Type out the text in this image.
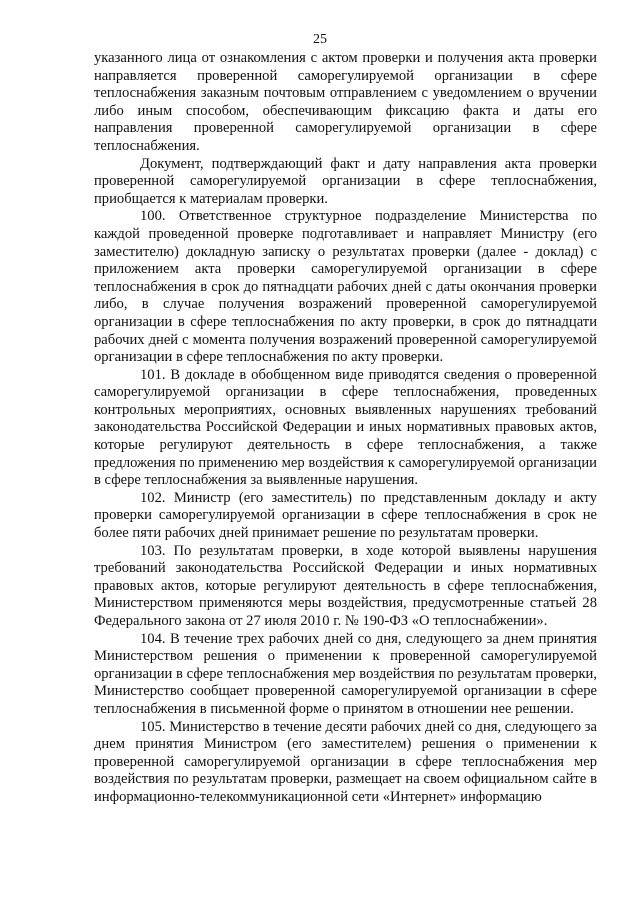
25

указанного лица от ознакомления с актом проверки и получения акта проверки направляется проверенной саморегулируемой организации в сфере теплоснабжения заказным почтовым отправлением с уведомлением о вручении либо иным способом, обеспечивающим фиксацию факта и даты его направления проверенной саморегулируемой организации в сфере теплоснабжения.

Документ, подтверждающий факт и дату направления акта проверки проверенной саморегулируемой организации в сфере теплоснабжения, приобщается к материалам проверки.

100. Ответственное структурное подразделение Министерства по каждой проведенной проверке подготавливает и направляет Министру (его заместителю) докладную записку о результатах проверки (далее - доклад) с приложением акта проверки саморегулируемой организации в сфере теплоснабжения в срок до пятнадцати рабочих дней с даты окончания проверки либо, в случае получения возражений проверенной саморегулируемой организации в сфере теплоснабжения по акту проверки, в срок до пятнадцати рабочих дней с момента получения возражений проверенной саморегулируемой организации в сфере теплоснабжения по акту проверки.

101. В докладе в обобщенном виде приводятся сведения о проверенной саморегулируемой организации в сфере теплоснабжения, проведенных контрольных мероприятиях, основных выявленных нарушениях требований законодательства Российской Федерации и иных нормативных правовых актов, которые регулируют деятельность в сфере теплоснабжения, а также предложения по применению мер воздействия к саморегулируемой организации в сфере теплоснабжения за выявленные нарушения.

102. Министр (его заместитель) по представленным докладу и акту проверки саморегулируемой организации в сфере теплоснабжения в срок не более пяти рабочих дней принимает решение по результатам проверки.

103. По результатам проверки, в ходе которой выявлены нарушения требований законодательства Российской Федерации и иных нормативных правовых актов, которые регулируют деятельность в сфере теплоснабжения, Министерством применяются меры воздействия, предусмотренные статьей 28 Федерального закона от 27 июля 2010 г. № 190-ФЗ «О теплоснабжении».

104. В течение трех рабочих дней со дня, следующего за днем принятия Министерством решения о применении к проверенной саморегулируемой организации в сфере теплоснабжения мер воздействия по результатам проверки, Министерство сообщает проверенной саморегулируемой организации в сфере теплоснабжения в письменной форме о принятом в отношении нее решении.

105. Министерство в течение десяти рабочих дней со дня, следующего за днем принятия Министром (его заместителем) решения о применении к проверенной саморегулируемой организации в сфере теплоснабжения мер воздействия по результатам проверки, размещает на своем официальном сайте в информационно-телекоммуникационной сети «Интернет» информацию
